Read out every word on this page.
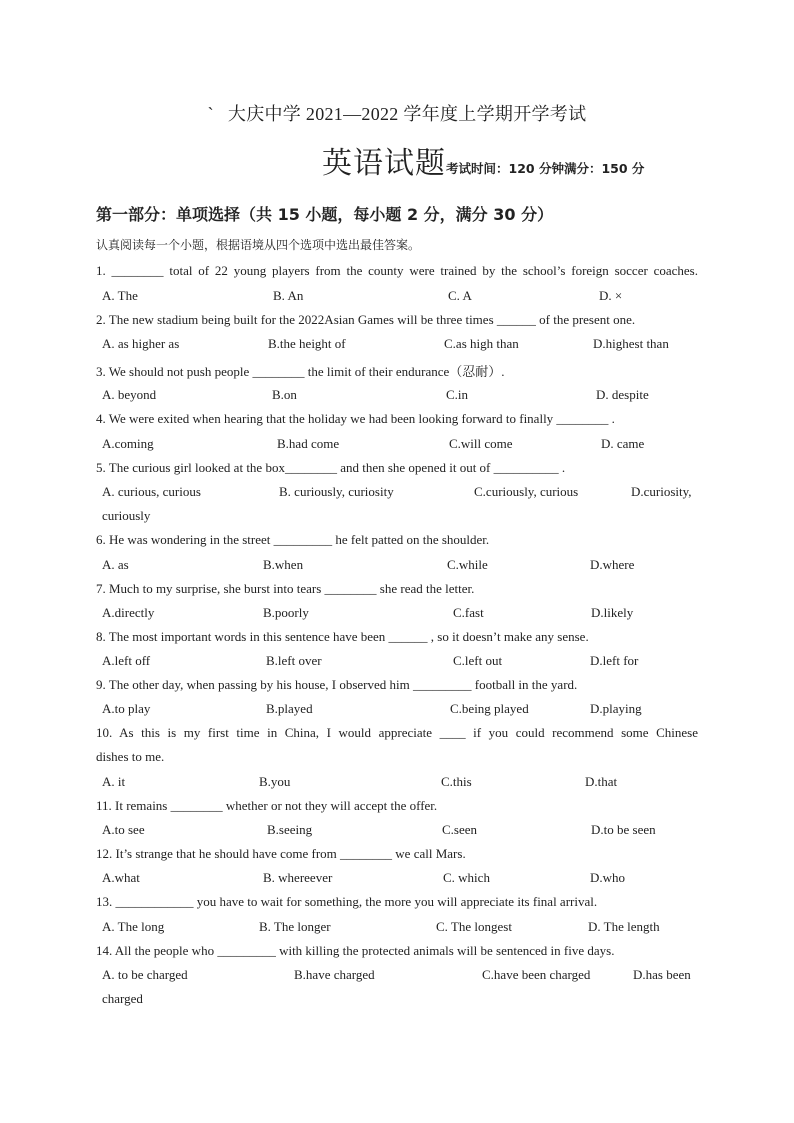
` 大庆中学 2021—2022 学年度上学期开学考试
英语试题考试时间：120 分钟满分：150 分
第一部分：单项选择（共 15 小题，每小题 2 分，满分 30 分）
认真阅读每一个小题，根据语境从四个选项中选出最佳答案。
1. ________ total of 22 young players from the county were trained by the school’s foreign soccer coaches.
A. The	B. An	C. A	D. ×
2. The new stadium being built for the 2022Asian Games will be three times ______ of the present one.
A. as higher as	B.the height of	C.as high than	D.highest than
3. We should not push people ________ the limit of their endurance（忍耐）.
A. beyond	B.on	C.in	D. despite
4. We were exited when hearing that the holiday we had been looking forward to finally ________ .
A.coming	B.had come	C.will come	D. came
5. The curious girl looked at the box________ and then she opened it out of __________ .
A. curious, curious	B. curiously, curiosity	C.curiously, curious	D.curiosity,
curiously
6. He was wondering in the street _________ he felt patted on the shoulder.
A. as	B.when	C.while	D.where
7. Much to my surprise, she burst into tears ________ she read the letter.
A.directly	B.poorly	C.fast	D.likely
8. The most important words in this sentence have been ______ , so it doesn’t make any sense.
A.left off	B.left over	C.left out	D.left for
9. The other day, when passing by his house, I observed him _________ football in the yard.
A.to play	B.played	C.being played	D.playing
10. As this is my first time in China, I would appreciate ____ if you could recommend some Chinese
dishes to me.
A. it	B.you	C.this	D.that
11. It remains ________ whether or not they will accept the offer.
A.to see	B.seeing	C.seen	D.to be seen
12. It’s strange that he should have come from ________ we call Mars.
A.what	B. whereever	C. which	D.who
13. ____________ you have to wait for something, the more you will appreciate its final arrival.
A. The long	B. The longer	C. The longest	D. The length
14. All the people who _________ with killing the protected animals will be sentenced in five days.
A. to be charged	B.have charged	C.have been charged	D.has been
charged
